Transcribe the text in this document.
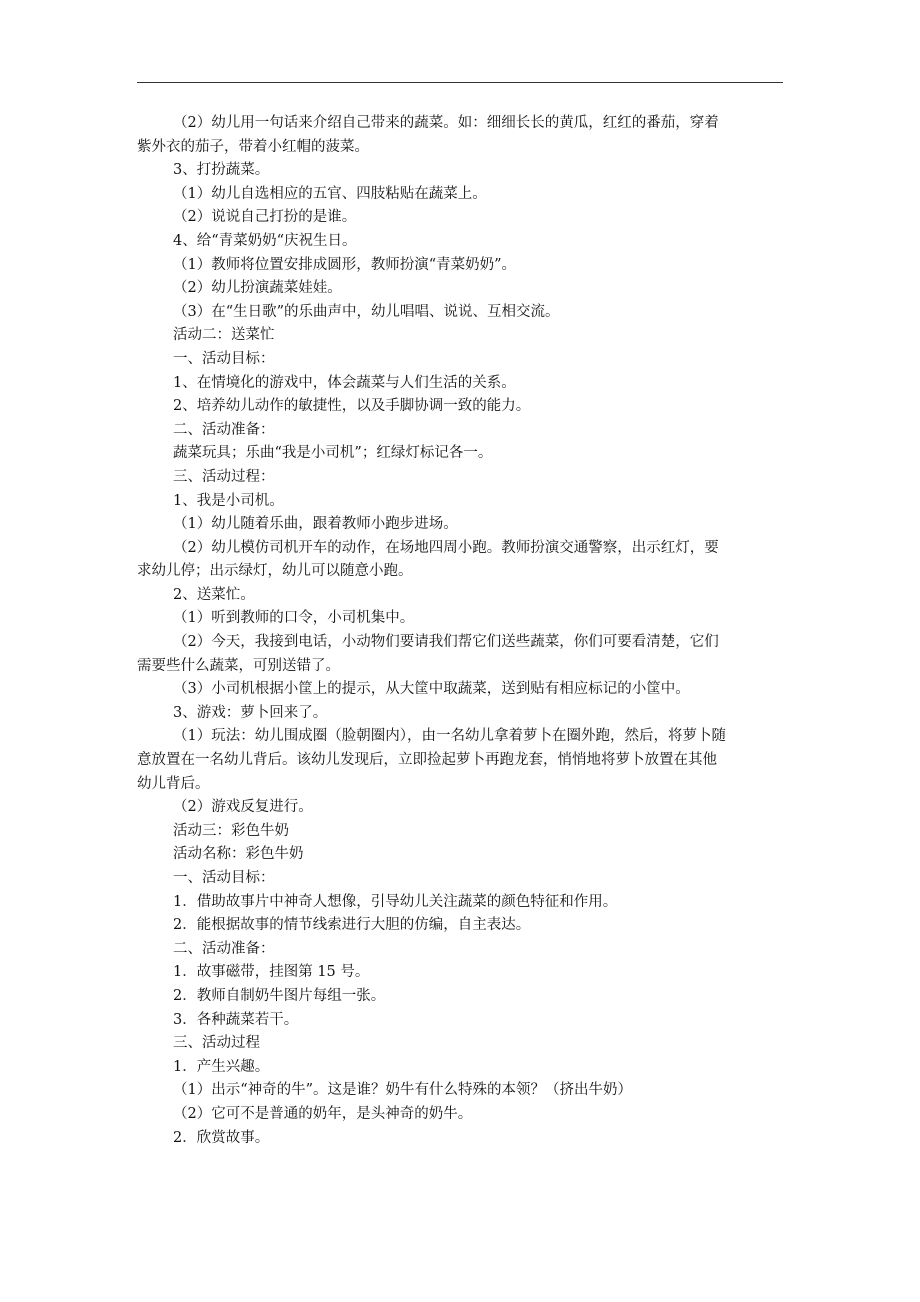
（2）幼儿用一句话来介绍自己带来的蔬菜。如：细细长长的黄瓜，红红的番茄，穿着
紫外衣的茄子，带着小红帽的菠菜。
3、打扮蔬菜。
（1）幼儿自选相应的五官、四肢粘贴在蔬菜上。
（2）说说自己打扮的是谁。
4、给“青菜奶奶“庆祝生日。
（1）教师将位置安排成圆形，教师扮演“青菜奶奶”。
（2）幼儿扮演蔬菜娃娃。
（3）在“生日歌”的乐曲声中，幼儿唱唱、说说、互相交流。
活动二：送菜忙
一、活动目标：
1、在情境化的游戏中，体会蔬菜与人们生活的关系。
2、培养幼儿动作的敏捷性，以及手脚协调一致的能力。
二、活动准备：
蔬菜玩具；乐曲“我是小司机”；红绿灯标记各一。
三、活动过程：
1、我是小司机。
（1）幼儿随着乐曲，跟着教师小跑步进场。
（2）幼儿模仿司机开车的动作，在场地四周小跑。教师扮演交通警察，出示红灯，要
求幼儿停；出示绿灯，幼儿可以随意小跑。
2、送菜忙。
（1）听到教师的口令，小司机集中。
（2）今天，我接到电话，小动物们要请我们帮它们送些蔬菜，你们可要看清楚，它们
需要些什么蔬菜，可别送错了。
（3）小司机根据小筐上的提示，从大筐中取蔬菜，送到贴有相应标记的小筐中。
3、游戏：萝卜回来了。
（1）玩法：幼儿围成圈（脸朝圈内），由一名幼儿拿着萝卜在圈外跑，然后，将萝卜随
意放置在一名幼儿背后。该幼儿发现后，立即捡起萝卜再跑龙套，悄悄地将萝卜放置在其他
幼儿背后。
（2）游戏反复进行。
活动三：彩色牛奶
活动名称：彩色牛奶
一、活动目标：
1．借助故事片中神奇人想像，引导幼儿关注蔬菜的颜色特征和作用。
2．能根据故事的情节线索进行大胆的仿编，自主表达。
二、活动准备：
1．故事磁带，挂图第 15 号。
2．教师自制奶牛图片每组一张。
3．各种蔬菜若干。
三、活动过程
1．产生兴趣。
（1）出示“神奇的牛”。这是谁？奶牛有什么特殊的本领？（挤出牛奶）
（2）它可不是普通的奶年，是头神奇的奶牛。
2．欣赏故事。
